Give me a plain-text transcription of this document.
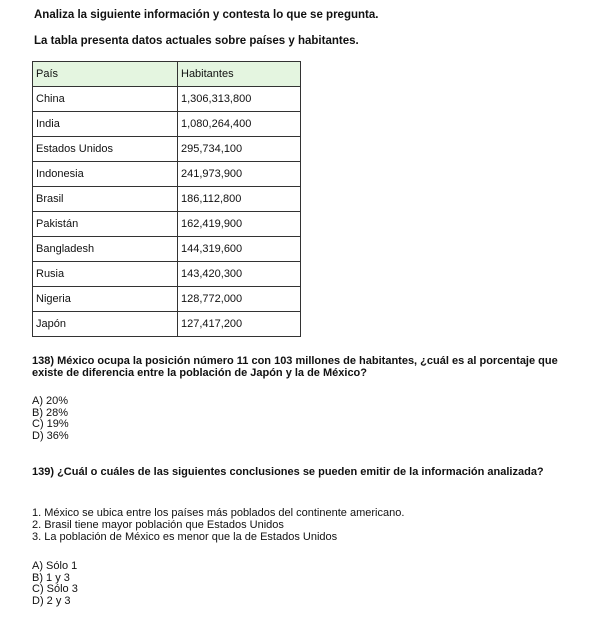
Analiza la siguiente información y contesta lo que se pregunta.
La tabla presenta datos actuales sobre países y habitantes.
País	Habitantes
China	1,306,313,800
India	1,080,264,400
Estados Unidos	295,734,100
Indonesia	241,973,900
Brasil	186,112,800
Pakistán	162,419,900
Bangladesh	144,319,600
Rusia	143,420,300
Nigeria	128,772,000
Japón	127,417,200
138) México ocupa la posición número 11 con 103 millones de habitantes, ¿cuál es al porcentaje que existe de diferencia entre la población de Japón y la de México?
A) 20%
B) 28%
C) 19%
D) 36%
139) ¿Cuál o cuáles de las siguientes conclusiones se pueden emitir de la información analizada?
1. México se ubica entre los países más poblados del continente americano.
2. Brasil tiene mayor población que Estados Unidos
3. La población de México es menor que la de Estados Unidos
A) Sólo 1
B) 1 y 3
C) Sólo 3
D) 2 y 3
